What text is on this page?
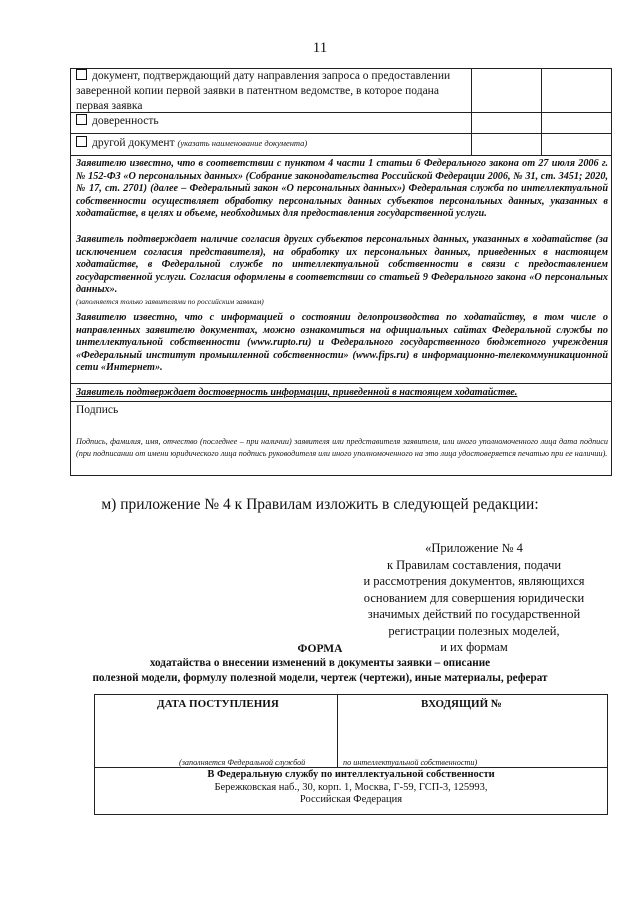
11
документ, подтверждающий дату направления запроса о предоставлении заверенной копии первой заявки в патентном ведомстве, в которое подана первая заявка
доверенность
другой документ (указать наименование документа)
Заявителю известно, что в соответствии с пунктом 4 части 1 статьи 6 Федерального закона от 27 июля 2006 г. № 152-ФЗ «О персональных данных» (Собрание законодательства Российской Федерации 2006, № 31, ст. 3451; 2020, № 17, ст. 2701) (далее – Федеральный закон «О персональных данных») Федеральная служба по интеллектуальной собственности осуществляет обработку персональных данных субъектов персональных данных, указанных в ходатайстве, в целях и объеме, необходимых для предоставления государственной услуги.
Заявитель подтверждает наличие согласия других субъектов персональных данных, указанных в ходатайстве (за исключением согласия представителя), на обработку их персональных данных, приведенных в настоящем ходатайстве, в Федеральной службе по интеллектуальной собственности в связи с предоставлением государственной услуги. Согласия оформлены в соответствии со статьей 9 Федерального закона «О персональных данных».
(заполняется только заявителями по российским заявкам)
Заявителю известно, что с информацией о состоянии делопроизводства по ходатайству, в том числе о направленных заявителю документах, можно ознакомиться на официальных сайтах Федеральной службы по интеллектуальной собственности (www.rupto.ru) и Федерального государственного бюджетного учреждения «Федеральный институт промышленной собственности» (www.fips.ru) в информационно-телекоммуникационной сети «Интернет».
Заявитель подтверждает достоверность информации, приведенной в настоящем ходатайстве.
Подпись
Подпись, фамилия, имя, отчество (последнее – при наличии) заявителя или представителя заявителя, или иного уполномоченного лица дата подписи (при подписании от имени юридического лица подпись руководителя или иного уполномоченного на это лица удостоверяется печатью при ее наличии).
м) приложение № 4 к Правилам изложить в следующей редакции:
«Приложение № 4
к Правилам составления, подачи
и рассмотрения документов, являющихся
основанием для совершения юридически
значимых действий по государственной
регистрации полезных моделей,
и их формам
ФОРМА
ходатайства о внесении изменений в документы заявки – описание
полезной модели, формулу полезной модели, чертеж (чертежи), иные материалы, реферат
ДАТА ПОСТУПЛЕНИЯ	ВХОДЯЩИЙ №
(заполняется Федеральной службой	по интеллектуальной собственности)
В Федеральную службу по интеллектуальной собственности
Бережковская наб., 30, корп. 1, Москва, Г-59, ГСП-3, 125993,
Российская Федерация
